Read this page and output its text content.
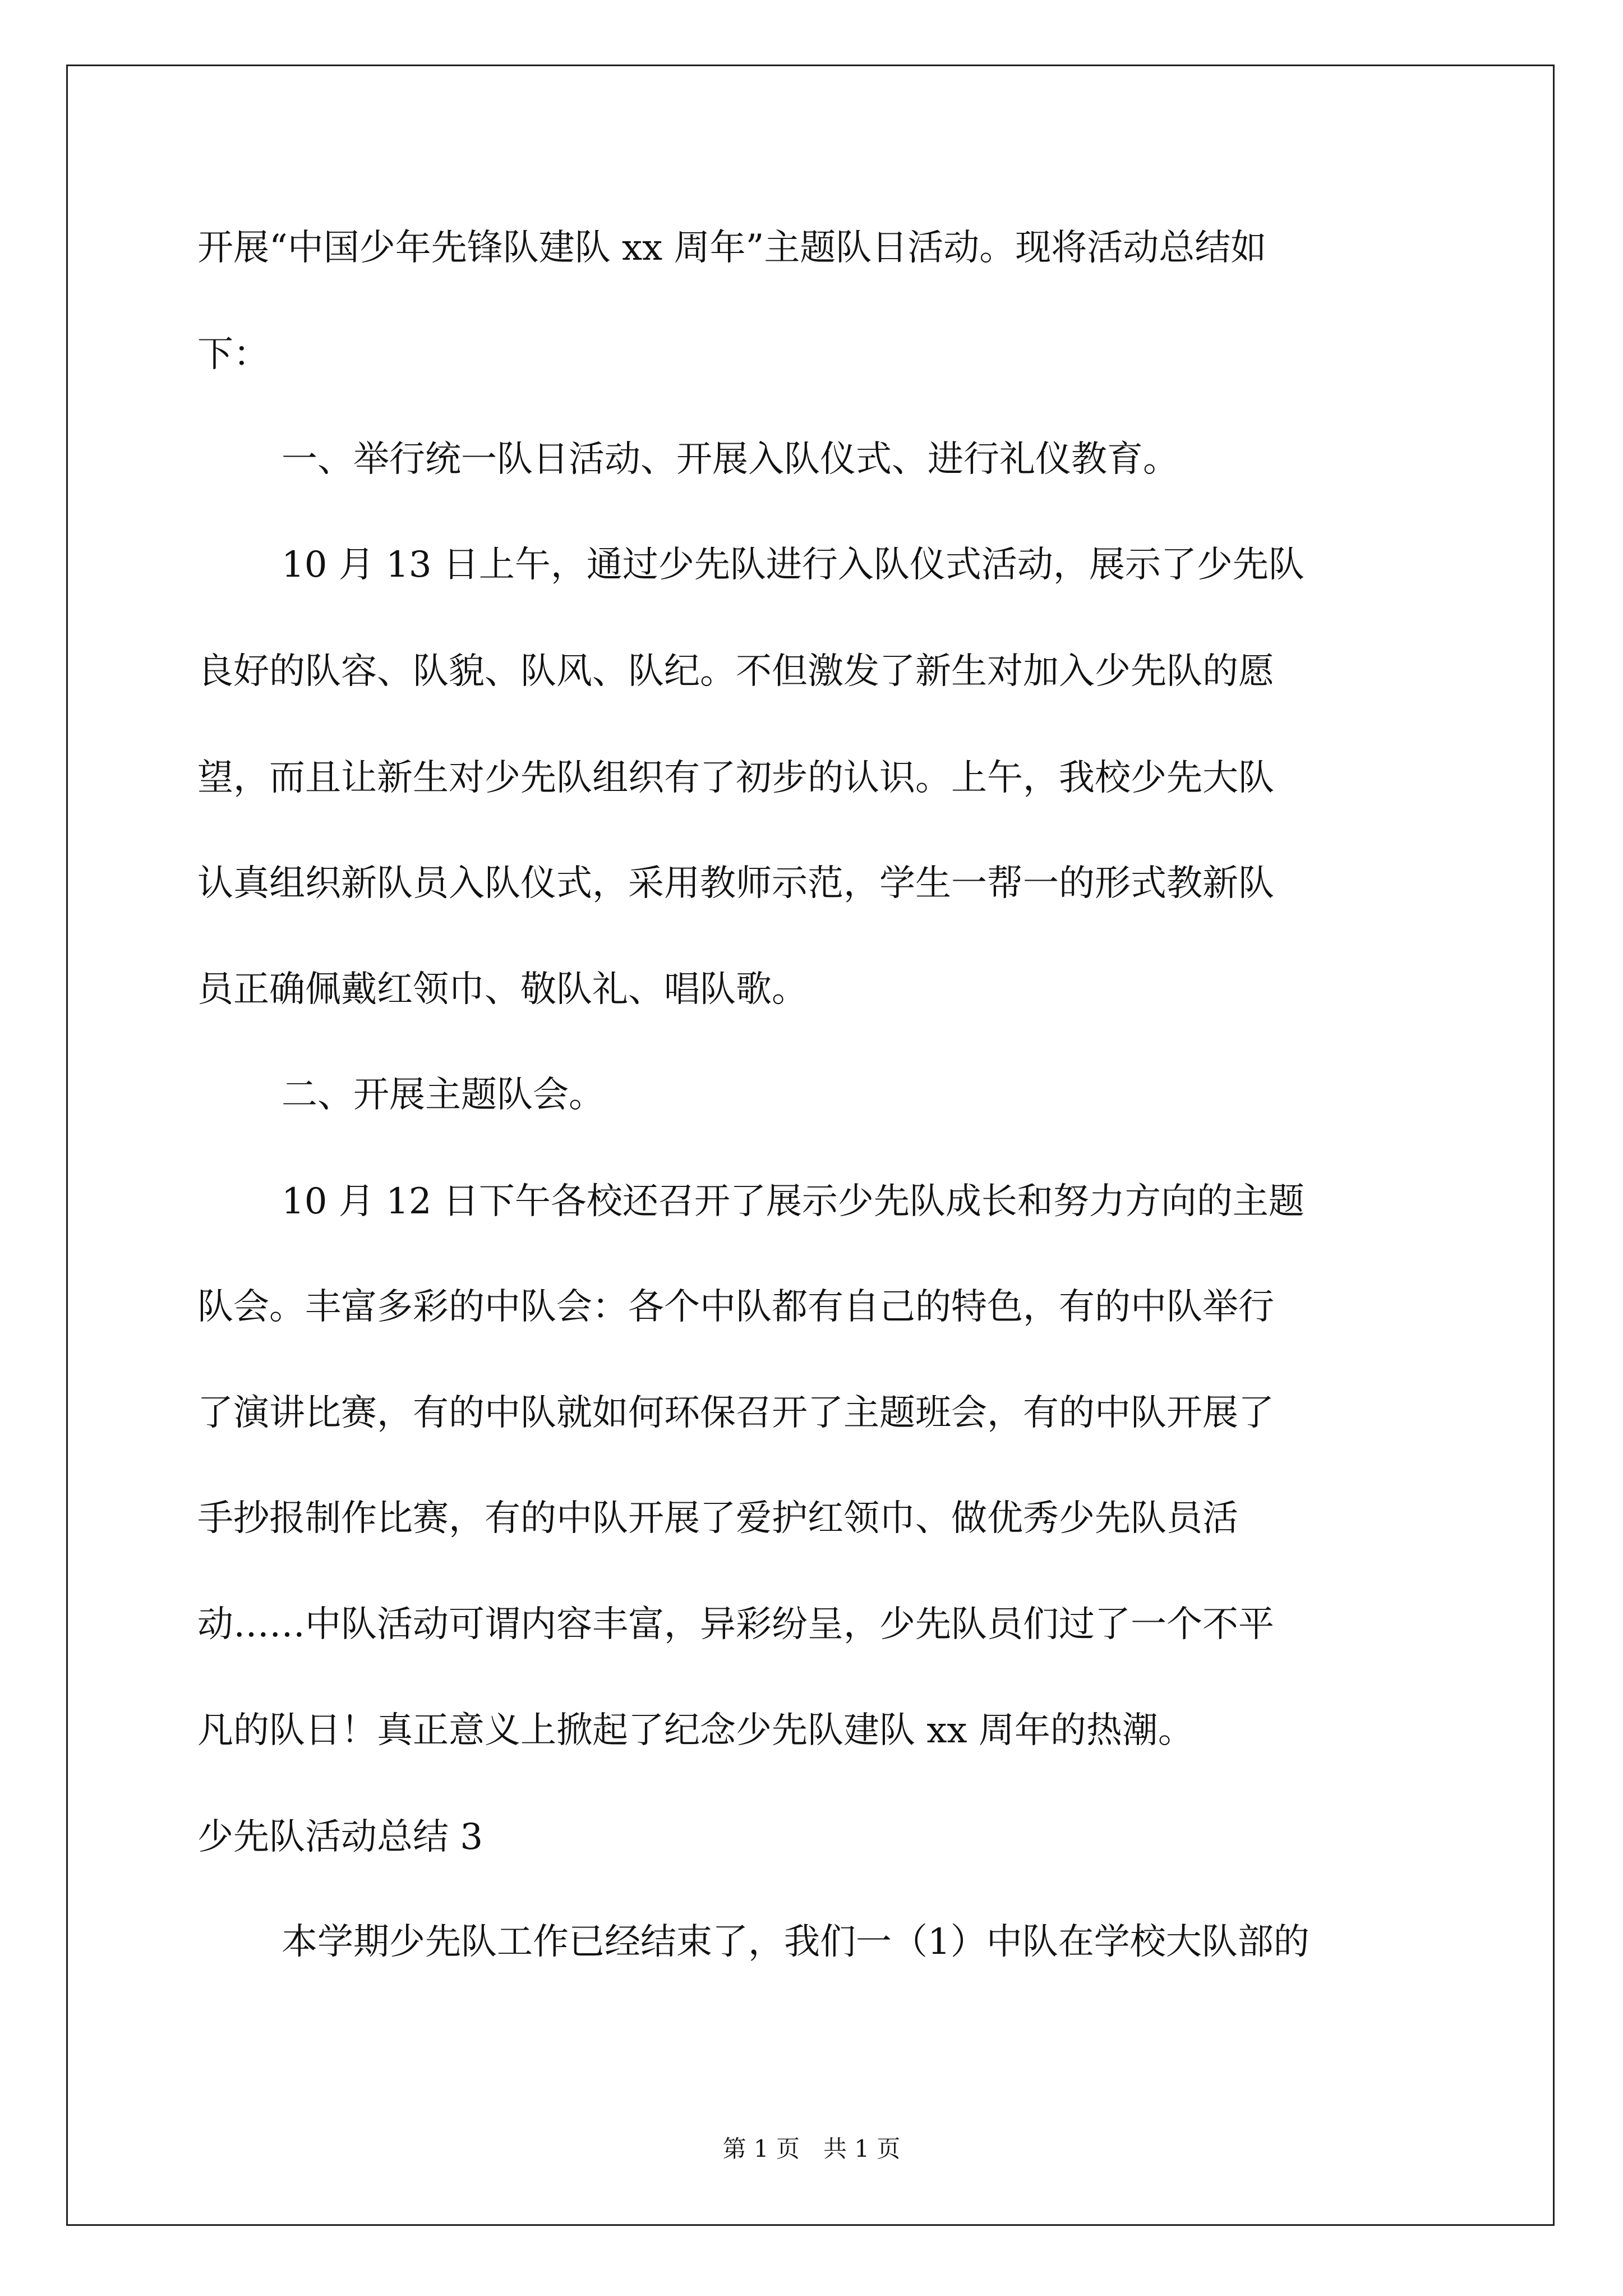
开展“中国少年先锋队建队 xx 周年”主题队日活动。现将活动总结如

下：

一、举行统一队日活动、开展入队仪式、进行礼仪教育。

10 月 13 日上午，通过少先队进行入队仪式活动，展示了少先队

良好的队容、队貌、队风、队纪。不但激发了新生对加入少先队的愿

望，而且让新生对少先队组织有了初步的认识。上午，我校少先大队

认真组织新队员入队仪式，采用教师示范，学生一帮一的形式教新队

员正确佩戴红领巾、敬队礼、唱队歌。

二、开展主题队会。

10 月 12 日下午各校还召开了展示少先队成长和努力方向的主题

队会。丰富多彩的中队会：各个中队都有自己的特色，有的中队举行

了演讲比赛，有的中队就如何环保召开了主题班会，有的中队开展了

手抄报制作比赛，有的中队开展了爱护红领巾、做优秀少先队员活

动……中队活动可谓内容丰富，异彩纷呈，少先队员们过了一个不平

凡的队日！真正意义上掀起了纪念少先队建队 xx 周年的热潮。

少先队活动总结 3

本学期少先队工作已经结束了，我们一（1）中队在学校大队部的

第 1 页　共 1 页
